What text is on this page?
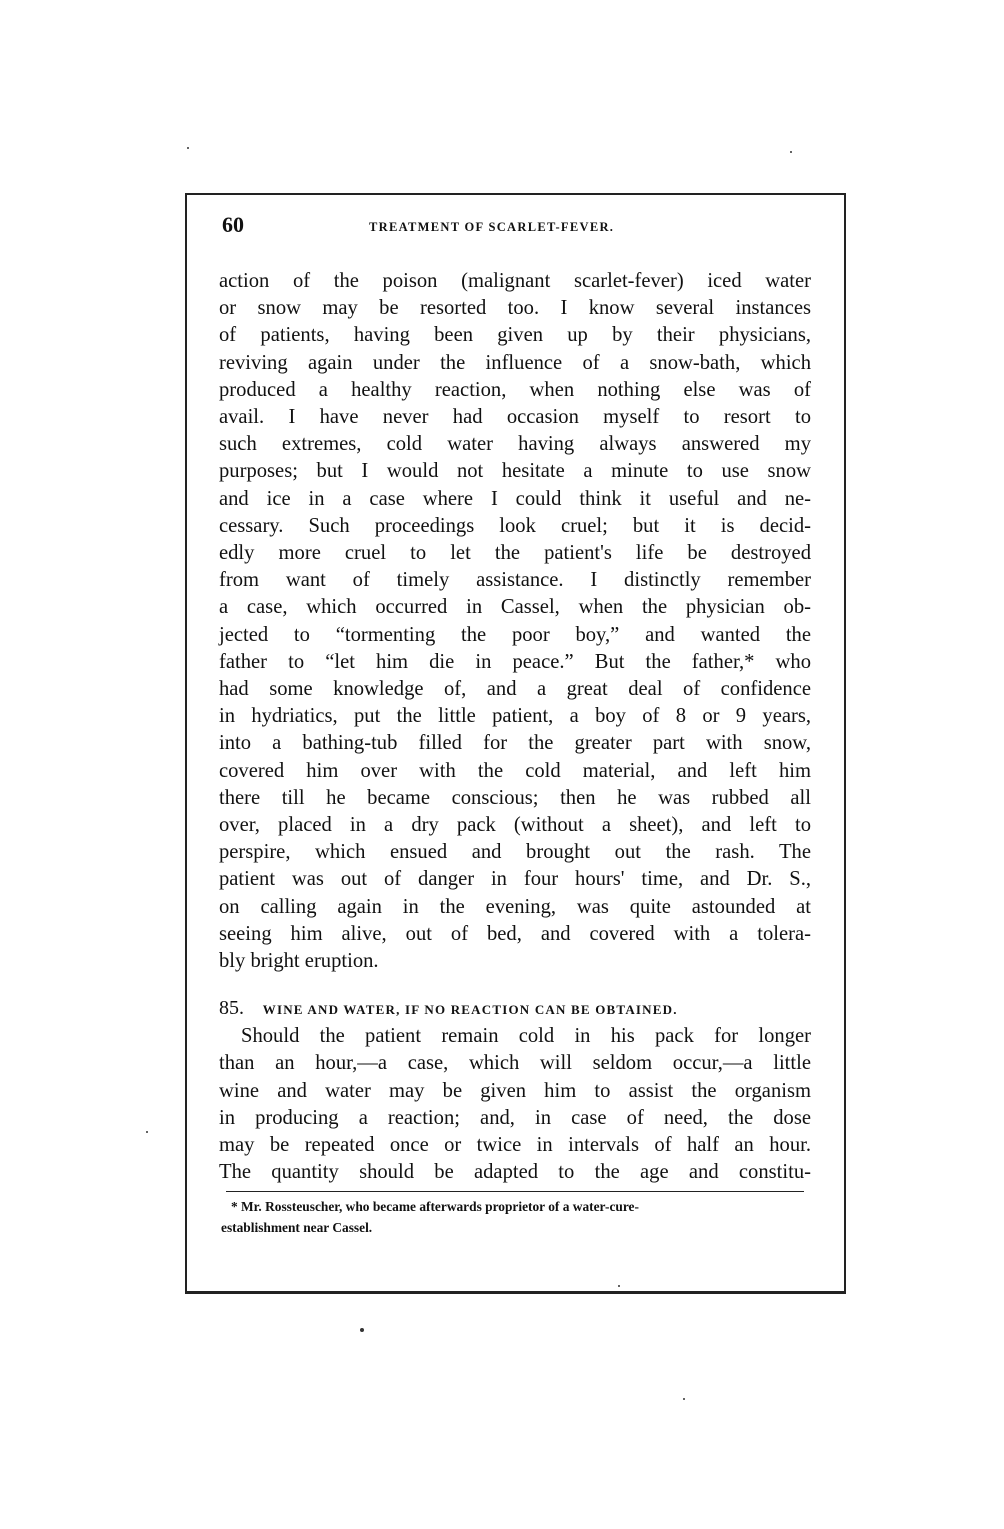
60	TREATMENT OF SCARLET-FEVER.
action of the poison (malignant scarlet-fever) iced water
or snow may be resorted too. I know several instances
of patients, having been given up by their physicians,
reviving again under the influence of a snow-bath, which
produced a healthy reaction, when nothing else was of
avail. I have never had occasion myself to resort to
such extremes, cold water having always answered my
purposes; but I would not hesitate a minute to use snow
and ice in a case where I could think it useful and ne-
cessary. Such proceedings look cruel; but it is decid-
edly more cruel to let the patient's life be destroyed
from want of timely assistance. I distinctly remember
a case, which occurred in Cassel, when the physician ob-
jected to “tormenting the poor boy,” and wanted the
father to “let him die in peace.” But the father,* who
had some knowledge of, and a great deal of confidence
in hydriatics, put the little patient, a boy of 8 or 9 years,
into a bathing-tub filled for the greater part with snow,
covered him over with the cold material, and left him
there till he became conscious; then he was rubbed all
over, placed in a dry pack (without a sheet), and left to
perspire, which ensued and brought out the rash. The
patient was out of danger in four hours' time, and Dr. S.,
on calling again in the evening, was quite astounded at
seeing him alive, out of bed, and covered with a tolera-
bly bright eruption.
85. WINE AND WATER, IF NO REACTION CAN BE OBTAINED.
Should the patient remain cold in his pack for longer
than an hour,—a case, which will seldom occur,—a little
wine and water may be given him to assist the organism
in producing a reaction; and, in case of need, the dose
may be repeated once or twice in intervals of half an hour.
The quantity should be adapted to the age and constitu-
* Mr. Rossteuscher, who became afterwards proprietor of a water-cure-
establishment near Cassel.
